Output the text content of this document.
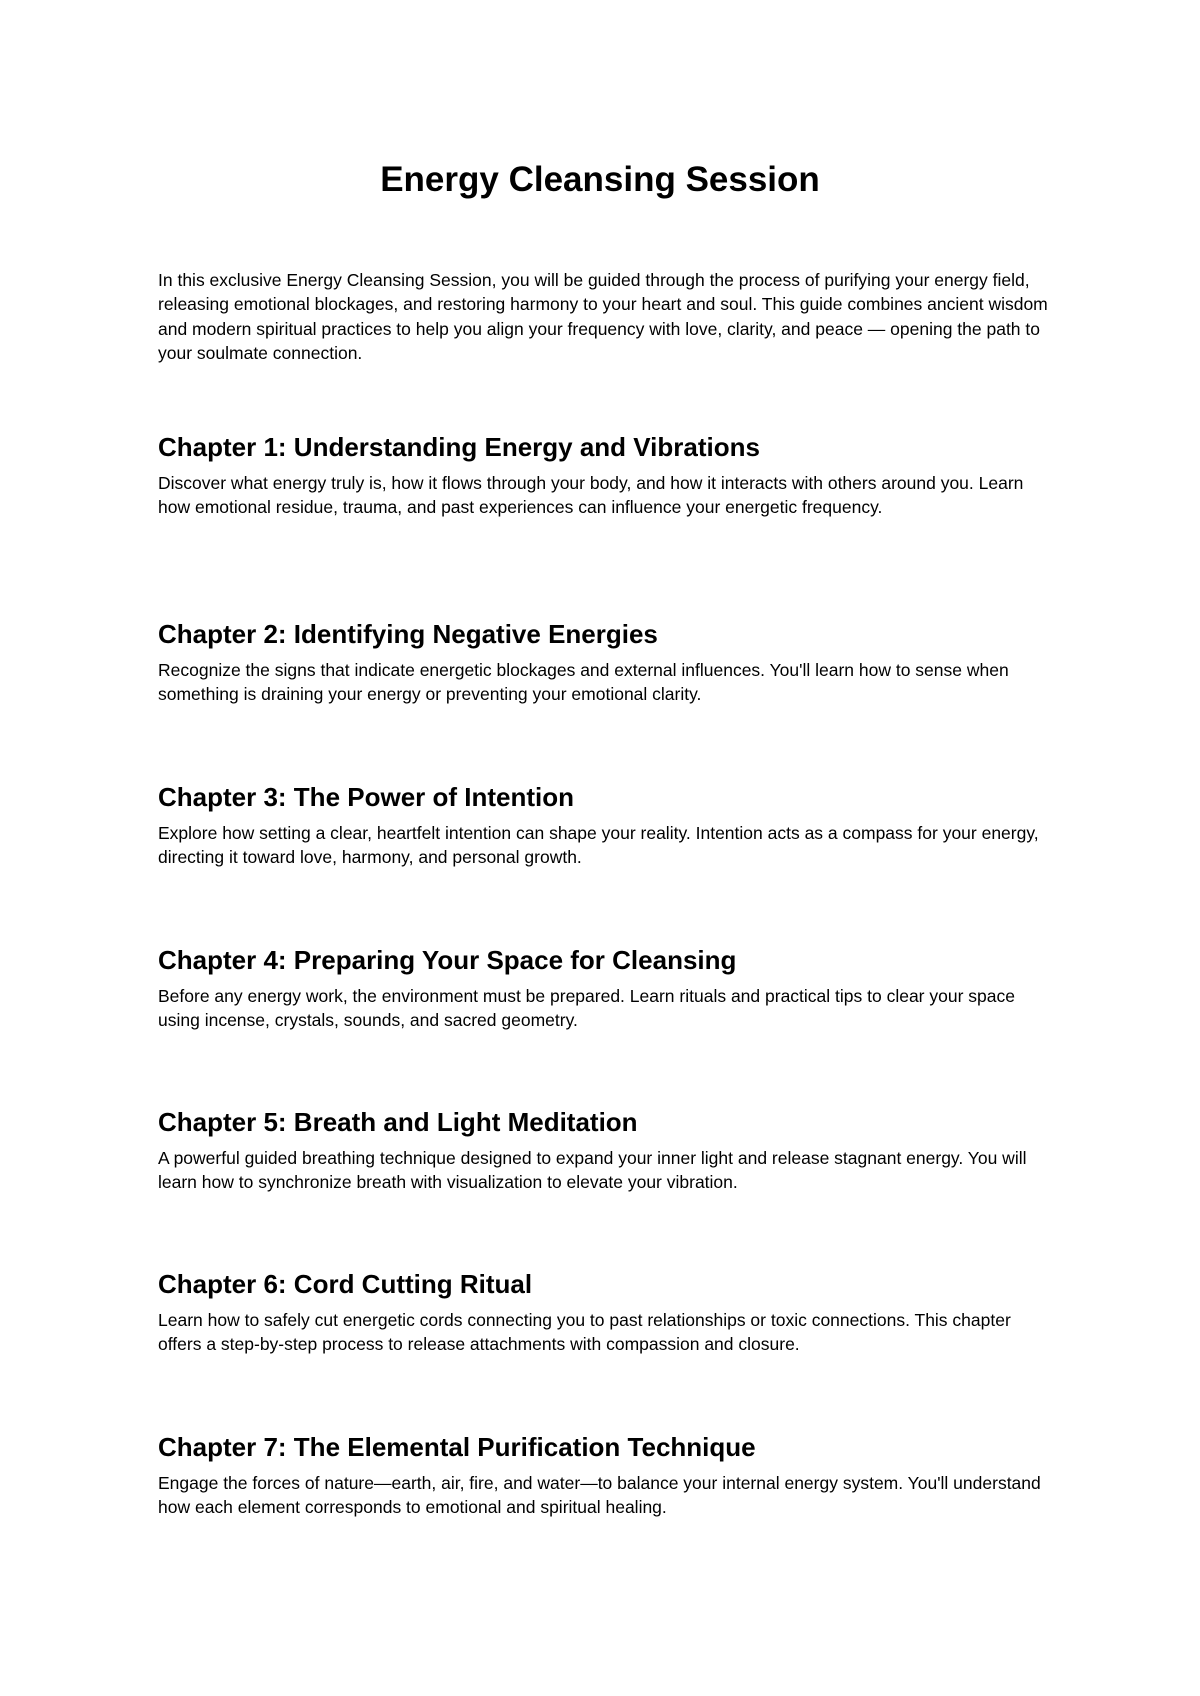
Energy Cleansing Session

In this exclusive Energy Cleansing Session, you will be guided through the process of purifying your energy field, releasing emotional blockages, and restoring harmony to your heart and soul. This guide combines ancient wisdom and modern spiritual practices to help you align your frequency with love, clarity, and peace — opening the path to your soulmate connection.

Chapter 1: Understanding Energy and Vibrations

Discover what energy truly is, how it flows through your body, and how it interacts with others around you. Learn how emotional residue, trauma, and past experiences can influence your energetic frequency.

Chapter 2: Identifying Negative Energies

Recognize the signs that indicate energetic blockages and external influences. You'll learn how to sense when something is draining your energy or preventing your emotional clarity.

Chapter 3: The Power of Intention

Explore how setting a clear, heartfelt intention can shape your reality. Intention acts as a compass for your energy, directing it toward love, harmony, and personal growth.

Chapter 4: Preparing Your Space for Cleansing

Before any energy work, the environment must be prepared. Learn rituals and practical tips to clear your space using incense, crystals, sounds, and sacred geometry.

Chapter 5: Breath and Light Meditation

A powerful guided breathing technique designed to expand your inner light and release stagnant energy. You will learn how to synchronize breath with visualization to elevate your vibration.

Chapter 6: Cord Cutting Ritual

Learn how to safely cut energetic cords connecting you to past relationships or toxic connections. This chapter offers a step-by-step process to release attachments with compassion and closure.

Chapter 7: The Elemental Purification Technique

Engage the forces of nature—earth, air, fire, and water—to balance your internal energy system. You'll understand how each element corresponds to emotional and spiritual healing.
